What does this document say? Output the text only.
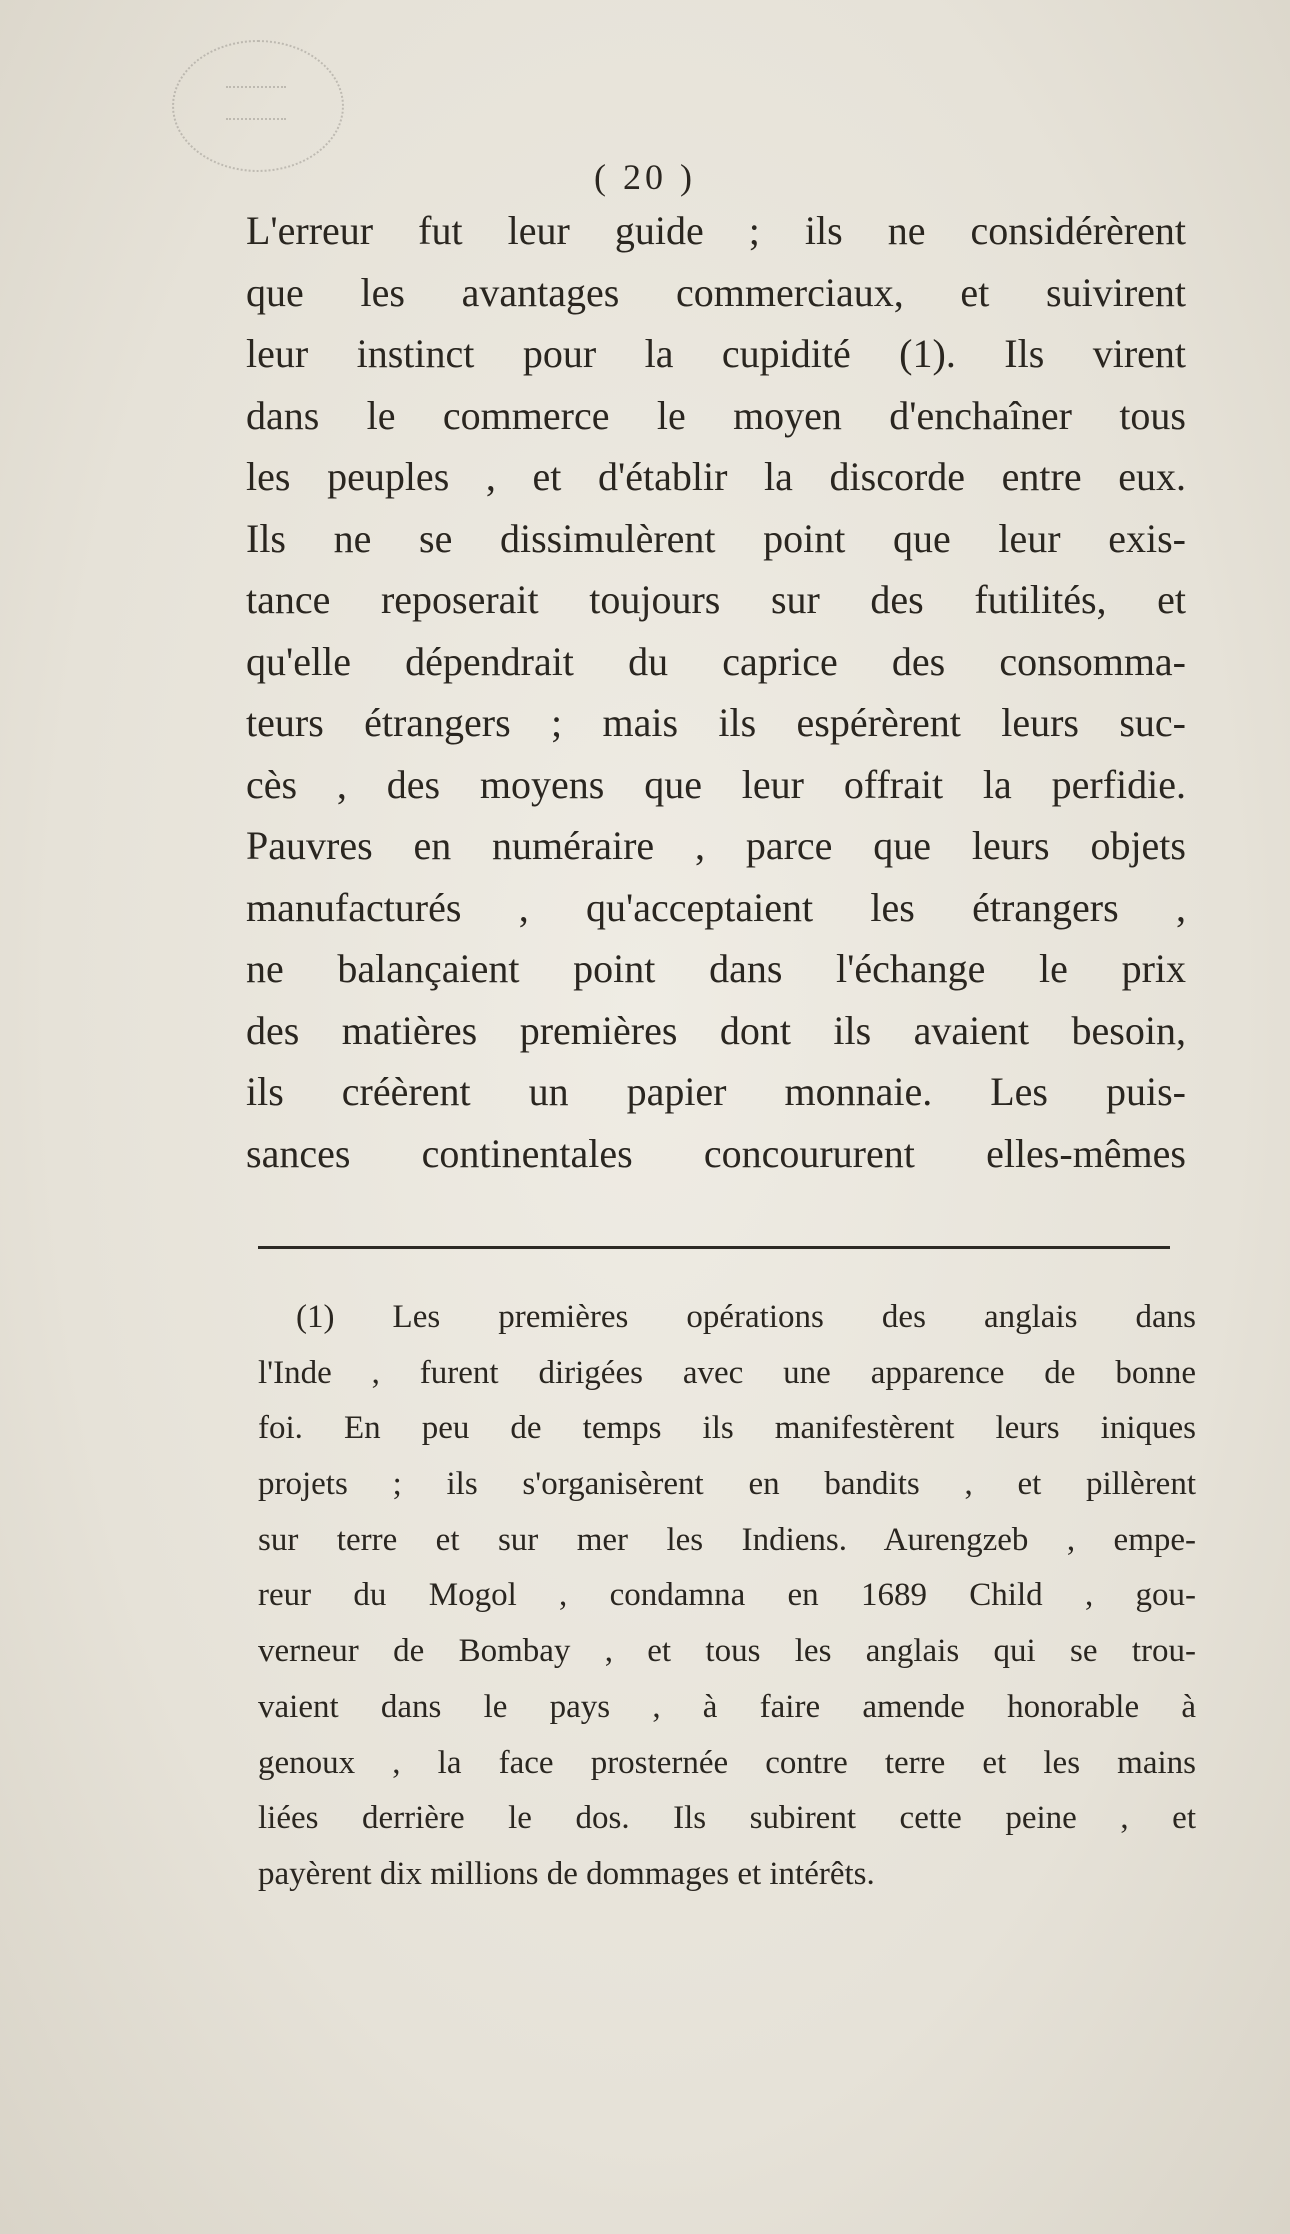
( 20 )
L'erreur fut leur guide ; ils ne considérèrent
que les avantages commerciaux, et suivirent
leur instinct pour la cupidité (1). Ils virent
dans le commerce le moyen d'enchaîner tous
les peuples , et d'établir la discorde entre eux.
Ils ne se dissimulèrent point que leur exis-
tance reposerait toujours sur des futilités, et
qu'elle dépendrait du caprice des consomma-
teurs étrangers ; mais ils espérèrent leurs suc-
cès , des moyens que leur offrait la perfidie.
Pauvres en numéraire , parce que leurs objets
manufacturés , qu'acceptaient les étrangers ,
ne balançaient point dans l'échange le prix
des matières premières dont ils avaient besoin,
ils créèrent un papier monnaie. Les puis-
sances continentales concoururent elles-mêmes
(1) Les premières opérations des anglais dans
l'Inde , furent dirigées avec une apparence de bonne
foi. En peu de temps ils manifestèrent leurs iniques
projets ; ils s'organisèrent en bandits , et pillèrent
sur terre et sur mer les Indiens. Aurengzeb , empe-
reur du Mogol , condamna en 1689 Child , gou-
verneur de Bombay , et tous les anglais qui se trou-
vaient dans le pays , à faire amende honorable à
genoux , la face prosternée contre terre et les mains
liées derrière le dos. Ils subirent cette peine , et
payèrent dix millions de dommages et intérêts.
